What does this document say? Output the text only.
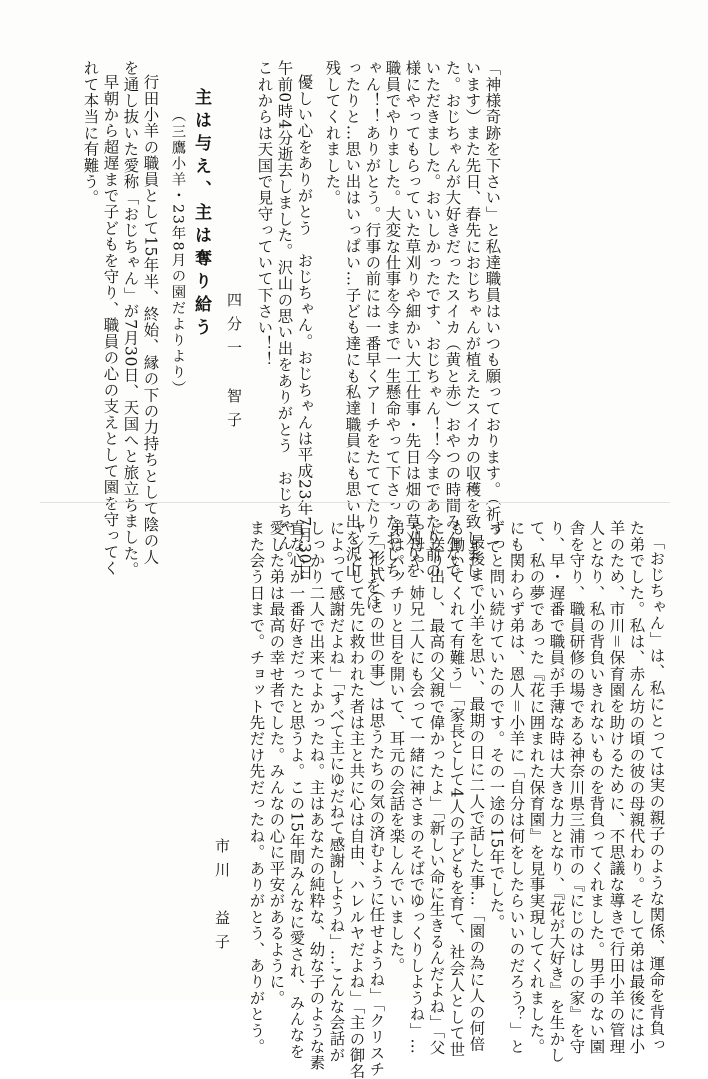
「神様奇跡を下さい」と私達職員はいつも願っております。（祈って
います）また先日、春先におじちゃんが植えたスイカの収穫を致しまし
た。おじちゃんが大好きだったスイカ（黄と赤）おやつの時間みんなで
いただきました。おいしかったです、おじちゃん！！今まであたり前の
様にやってもらっていた草刈りや細かい大工仕事・先日は畑の草刈りを
職員でやりました。大変な仕事を今まで一生懸命やって下さったおじち
ゃん！！ありがとう。行事の前には一番早くアーチをたててたりテントをは
ったりと…思い出はいっぱい…子ども達にも私達職員にも思い出を沢山
残してくれました。
優しい心をありがとう　おじちゃん。おじちゃんは平成23年7月30日
午前0時4分逝去しました。沢山の思い出をありがとう　おじちゃん。
これからは天国で見守っていて下さい！！
四分一　智子
主は与え、主は奪り給う
（三鷹小羊・23年8月の園だよりより）
行田小羊の職員として15年半、終始、縁の下の力持ちとして陰の人
を通し抜いた愛称「おじちゃん」が7月30日、天国へと旅立ちました。
早朝から超遅まで子どもを守り、職員の心の支えとして園を守ってく
れて本当に有難う。
「おじちゃん」は、私にとっては実の親子のような関係、運命を背負っ
た弟でした。私は、赤ん坊の頃の彼の母親代わり。そして弟は最後には小
羊のため、市川＝保育園を助けるために、不思議な導きで行田小羊の管理
人となり、私の背負いきれないものを背負ってくれました。男手のない園
舎を守り、職員研修の場である神奈川県三浦市の『にじのはしの家』を守
り、早・遅番で職員が手薄な時は大きな力となり、『花が大好き』を生かし
て、私の夢であった『花に囲まれた保育園』を見事実現してくれました。
にも関わらず弟は、恩人＝小羊に「自分は何をしたらいいのだろう？」と
ずっと問い続けていたのです。その一途の15年でした。
最後まで小羊を思い、最期の日に二人で話した事…「園の為に人の何倍
も働いてくれて有難う」「家長として4人の子どもを育て、社会人として世
に送り出し、最高の父親で偉かったよ」「新しい命に生きるんだよね」「父
や母や、姉兄二人にも会って一緒に神さまのそばでゆっくりしようね」…
弟はパッチリと目を開いて、耳元の会話を楽しんでいました。
「形式（この世の事）は思うたちの気の済むように任せようね」「クリスチ
ャンとして先に救われた者は主と共に心は自由、ハレルヤだよね」「主の御名
によって感謝だよね」「すべて主にゆだねて感謝しようね」…こんな会話が
しっかり二人で出来てよかったね。主はあなたの純粋な、幼な子のような素
直な心が一番好きだったと思うよ。この15年間みんなに愛され、みんなを
愛した弟は最高の幸せ者でした。みんなの心に平安があるように。
また会う日まで。チョット先だけ先だったね。ありがとう、ありがとう。
市川　益子
